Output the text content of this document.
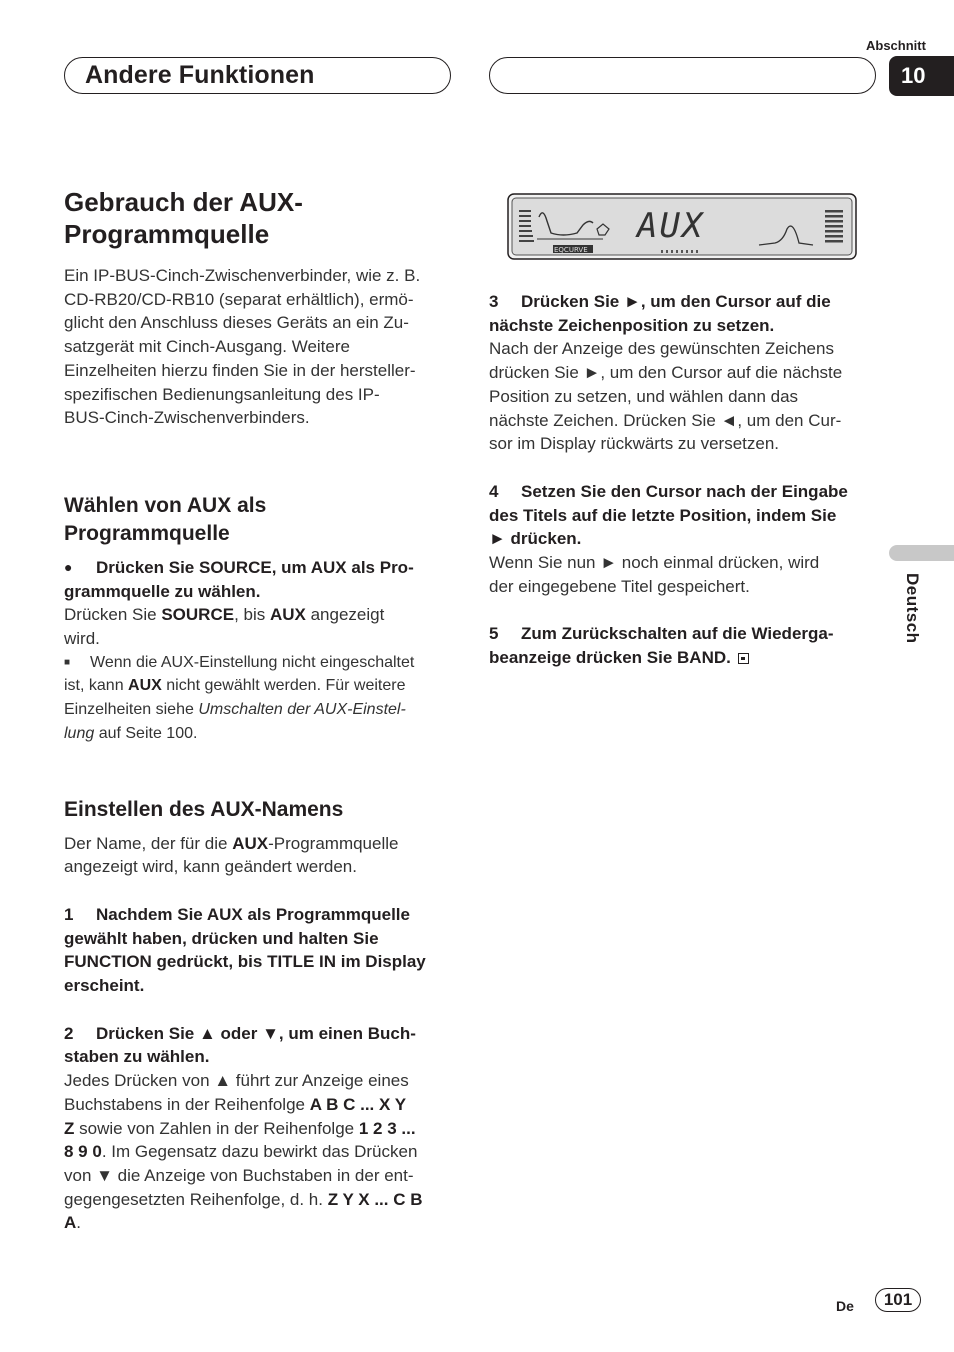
Andere Funktionen
Abschnitt
10
Deutsch
Gebrauch der AUX-
Programmquelle

Ein IP-BUS-Cinch-Zwischenverbinder, wie z. B.
CD-RB20/CD-RB10 (separat erhältlich), ermö-
glicht den Anschluss dieses Geräts an ein Zu-
satzgerät mit Cinch-Ausgang. Weitere
Einzelheiten hierzu finden Sie in der hersteller-
spezifischen Bedienungsanleitung des IP-
BUS-Cinch-Zwischenverbinders.

Wählen von AUX als
Programmquelle

● Drücken Sie SOURCE, um AUX als Pro-
grammquelle zu wählen.

Drücken Sie SOURCE, bis AUX angezeigt
wird.

■ Wenn die AUX-Einstellung nicht eingeschaltet
ist, kann AUX nicht gewählt werden. Für weitere
Einzelheiten siehe Umschalten der AUX-Einstel-
lung auf Seite 100.

Einstellen des AUX-Namens

Der Name, der für die AUX-Programmquelle
angezeigt wird, kann geändert werden.

1 Nachdem Sie AUX als Programmquelle
gewählt haben, drücken und halten Sie
FUNCTION gedrückt, bis TITLE IN im Display
erscheint.

2 Drücken Sie ▲ oder ▼, um einen Buch-
staben zu wählen.

Jedes Drücken von ▲ führt zur Anzeige eines
Buchstabens in der Reihenfolge A B C ... X Y
Z sowie von Zahlen in der Reihenfolge 1 2 3 ...
8 9 0. Im Gegensatz dazu bewirkt das Drücken
von ▼ die Anzeige von Buchstaben in der ent-
gegengesetzten Reihenfolge, d. h. Z Y X ... C B
A.

EQCURVE
AUX

3 Drücken Sie ►, um den Cursor auf die
nächste Zeichenposition zu setzen.

Nach der Anzeige des gewünschten Zeichens
drücken Sie ►, um den Cursor auf die nächste
Position zu setzen, und wählen dann das
nächste Zeichen. Drücken Sie ◄, um den Cur-
sor im Display rückwärts zu versetzen.

4 Setzen Sie den Cursor nach der Eingabe
des Titels auf die letzte Position, indem Sie
► drücken.

Wenn Sie nun ► noch einmal drücken, wird
der eingegebene Titel gespeichert.

5 Zum Zurückschalten auf die Wiederga-
beanzeige drücken Sie BAND.

De 101
